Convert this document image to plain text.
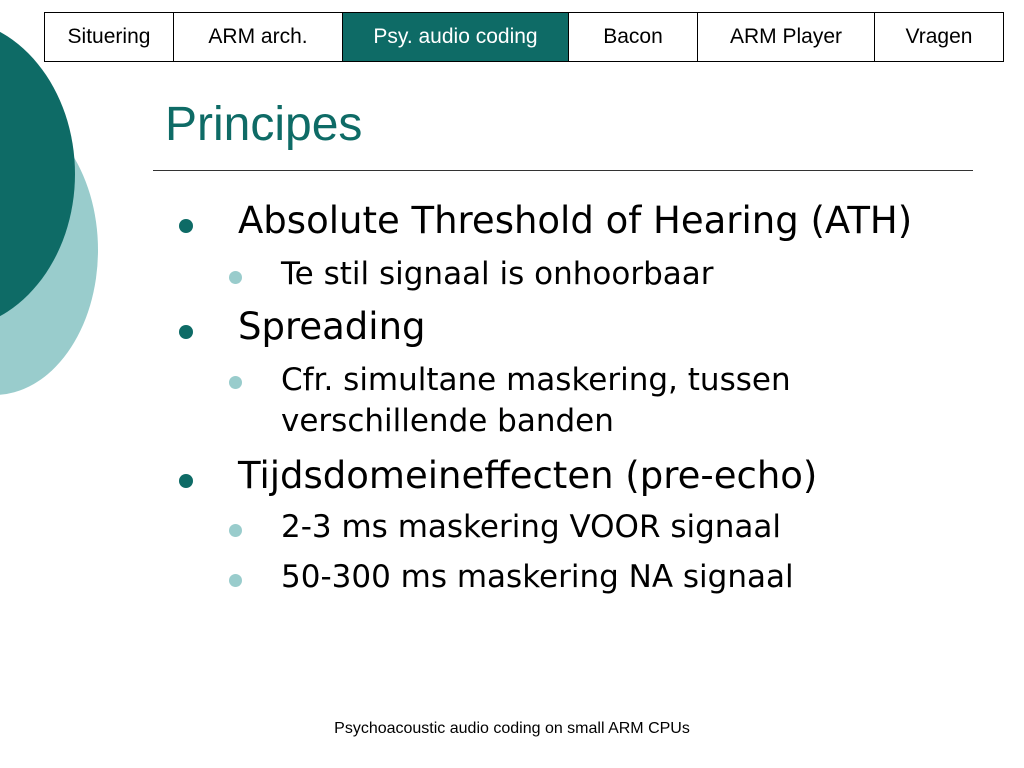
Situering	ARM arch.	Psy. audio coding	Bacon	ARM Player	Vragen
Principes
Absolute Threshold of Hearing (ATH)
Te stil signaal is onhoorbaar
Spreading
Cfr. simultane maskering, tussen
verschillende banden
Tijdsdomeineffecten (pre-echo)
2-3 ms maskering VOOR signaal
50-300 ms maskering NA signaal
Psychoacoustic audio coding on small ARM CPUs
